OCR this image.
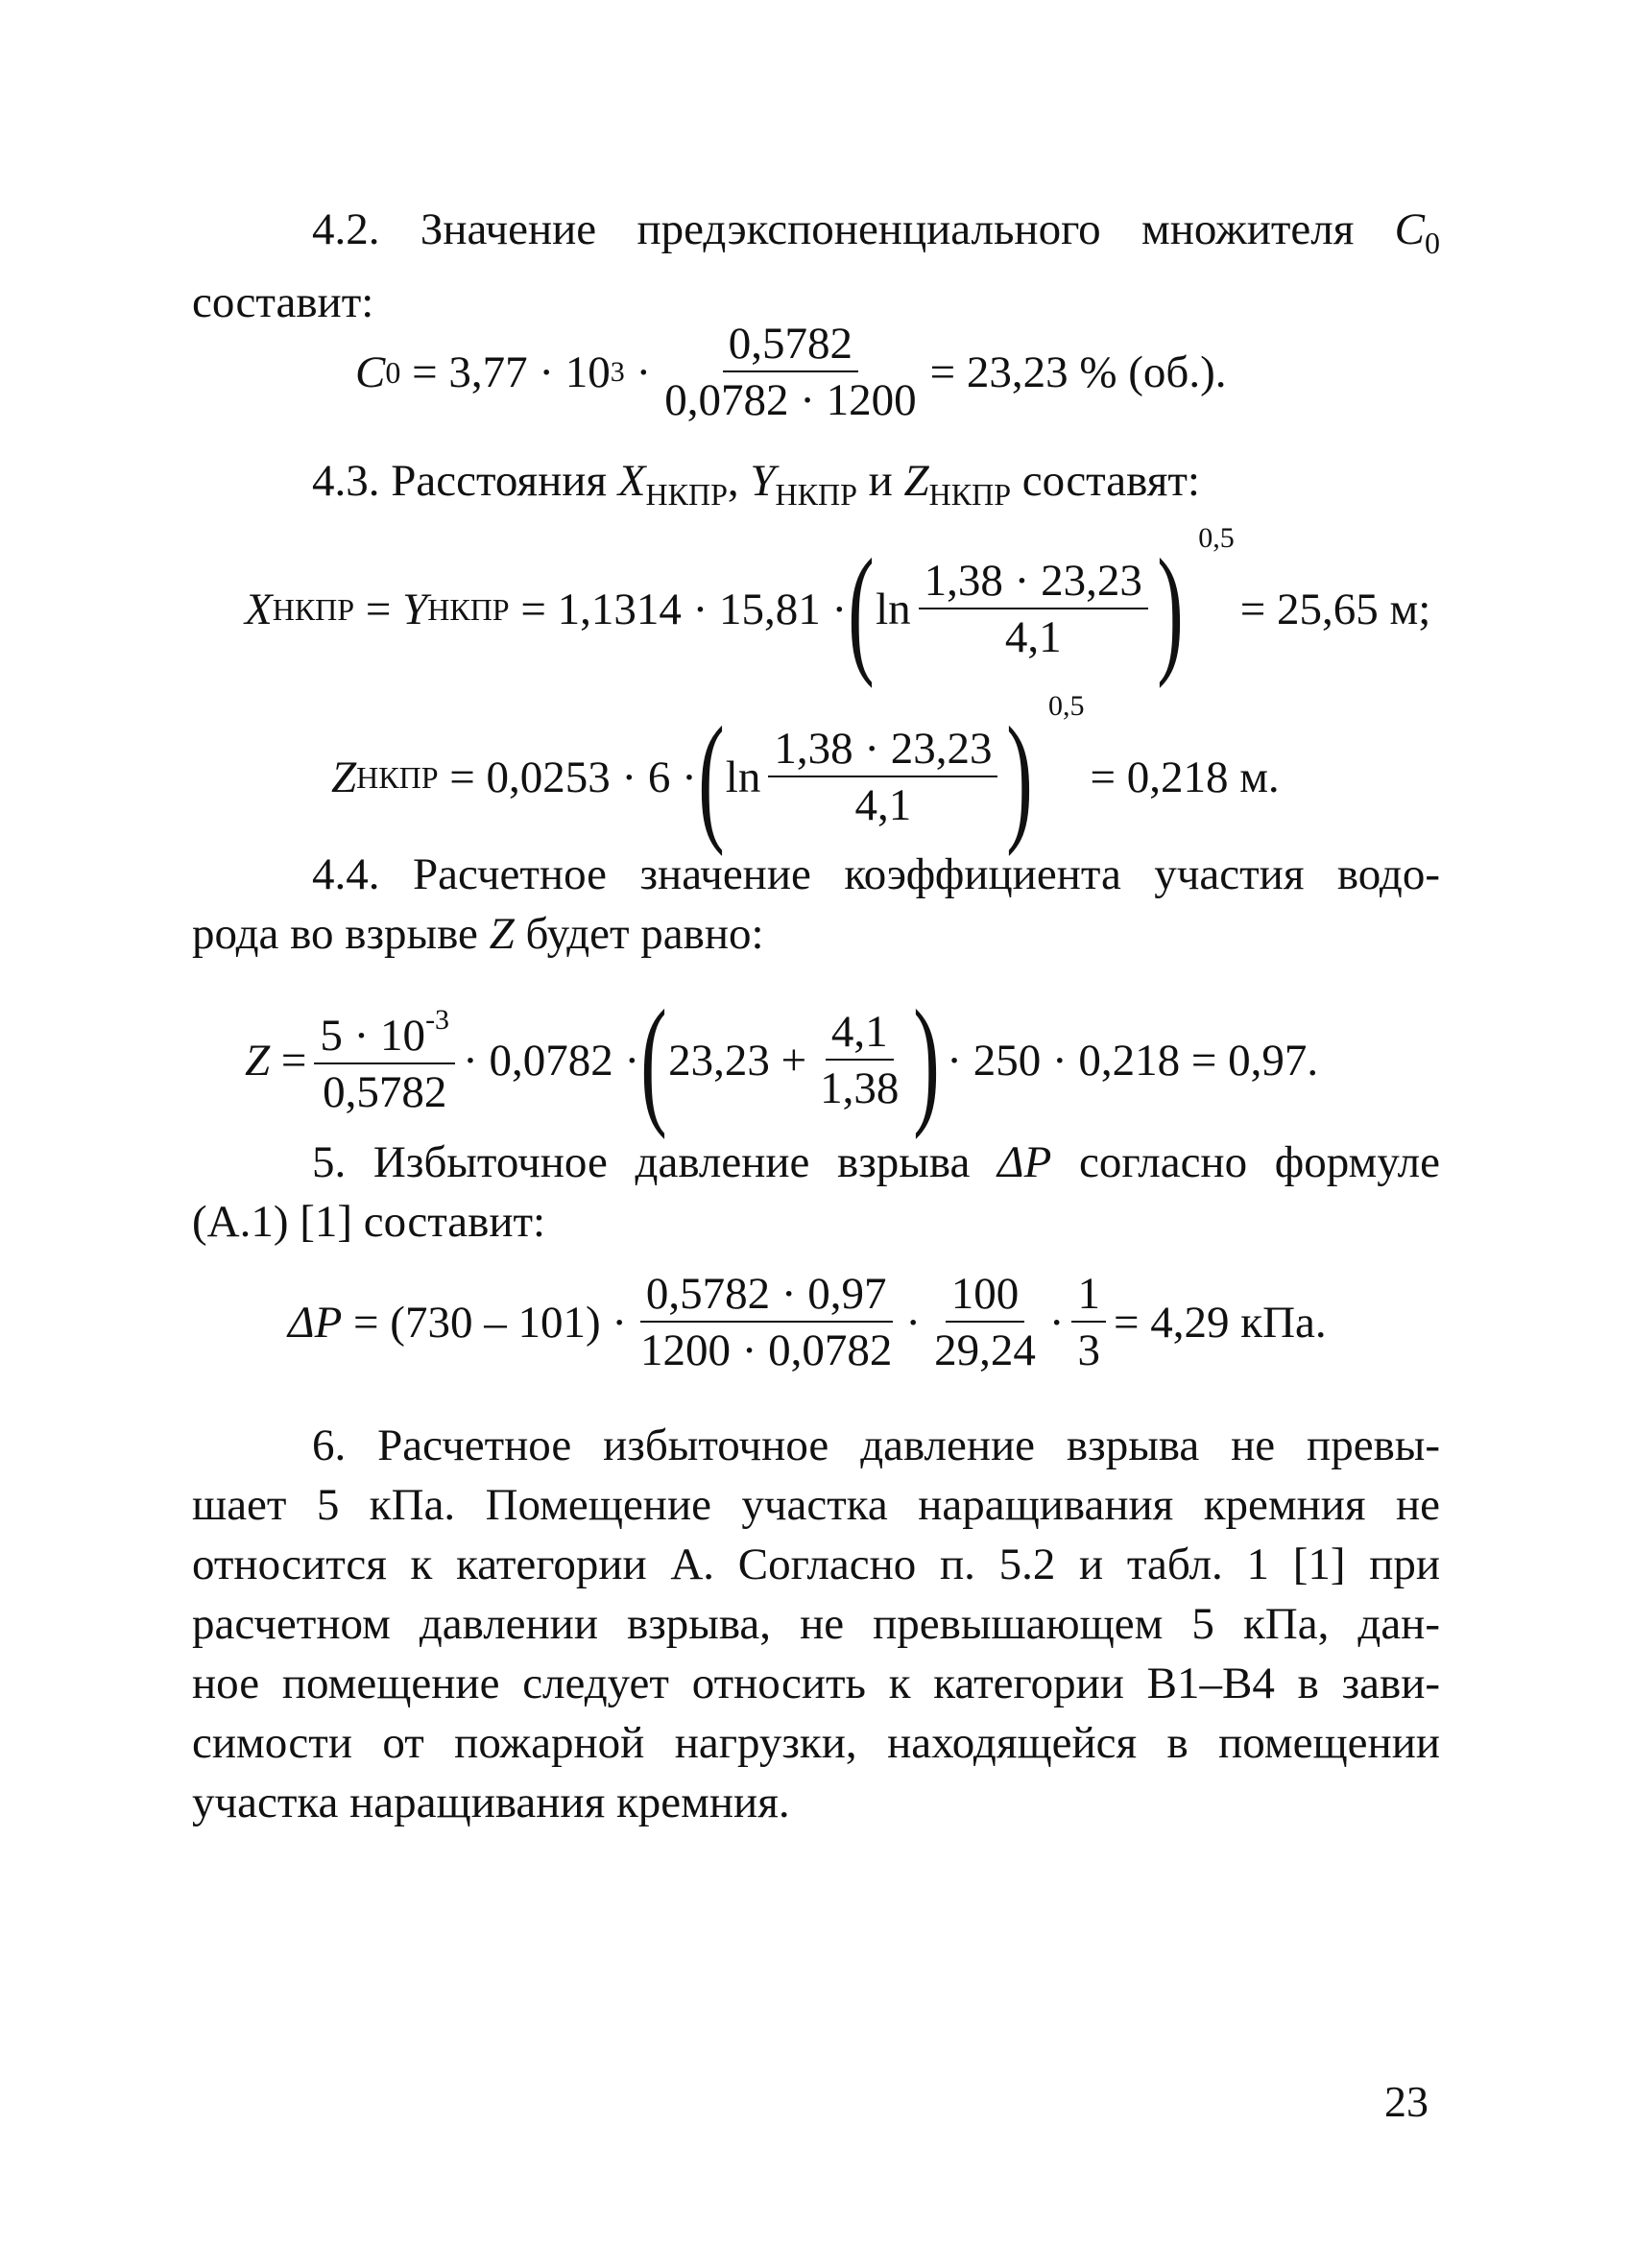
4.2. Значение предэкспоненциального множителя $C_0$
составит:
C 0
= 3,77 · 10 3
· $\frac{0,5782}{0,0782 \cdot 1200} = 23,23$ % (об.).
4.3. Расстояния $X_{НКПР}$, $Y_{НКПР}$ и $Z_{НКПР}$ составят:
X НКПР
=
Y НКПР
= 1,1314 · 15,81 · ( $\ln \frac{1,38 \cdot 23,23}{4,1}$ ) 0,5
= 25,65 м;
Z НКПР
= 0,0253 · 6 · ( $\ln \frac{1,38 \cdot 23,23}{4,1}$ ) 0,5
= 0,218 м.
4.4. Расчетное значение коэффициента участия водо-
рода во взрыве Z будет равно:
Z
= $\frac{5 \cdot 10^{-3}}{0,5782} \cdot 0,0782$ · ( $23,23 + \frac{4,1}{1,38}$ ) · 250 · 0,218 = 0,97.
5. Избыточное давление взрыва ΔP согласно формуле
(А.1) [1] составит:
ΔP
= $(730 - 101) \cdot \frac{0,5782 \cdot 0,97}{1200 \cdot 0,0782} \cdot \frac{100}{29,24} \cdot \frac{1}{3} = 4,29$ кПа.
6. Расчетное избыточное давление взрыва не превы-
шает 5 кПа. Помещение участка наращивания кремния не
относится к категории А. Согласно п. 5.2 и табл. 1 [1] при
расчетном давлении взрыва, не превышающем 5 кПа, дан-
ное помещение следует относить к категории В1–В4 в зави-
симости от пожарной нагрузки, находящейся в помещении
участка наращивания кремния.
23
